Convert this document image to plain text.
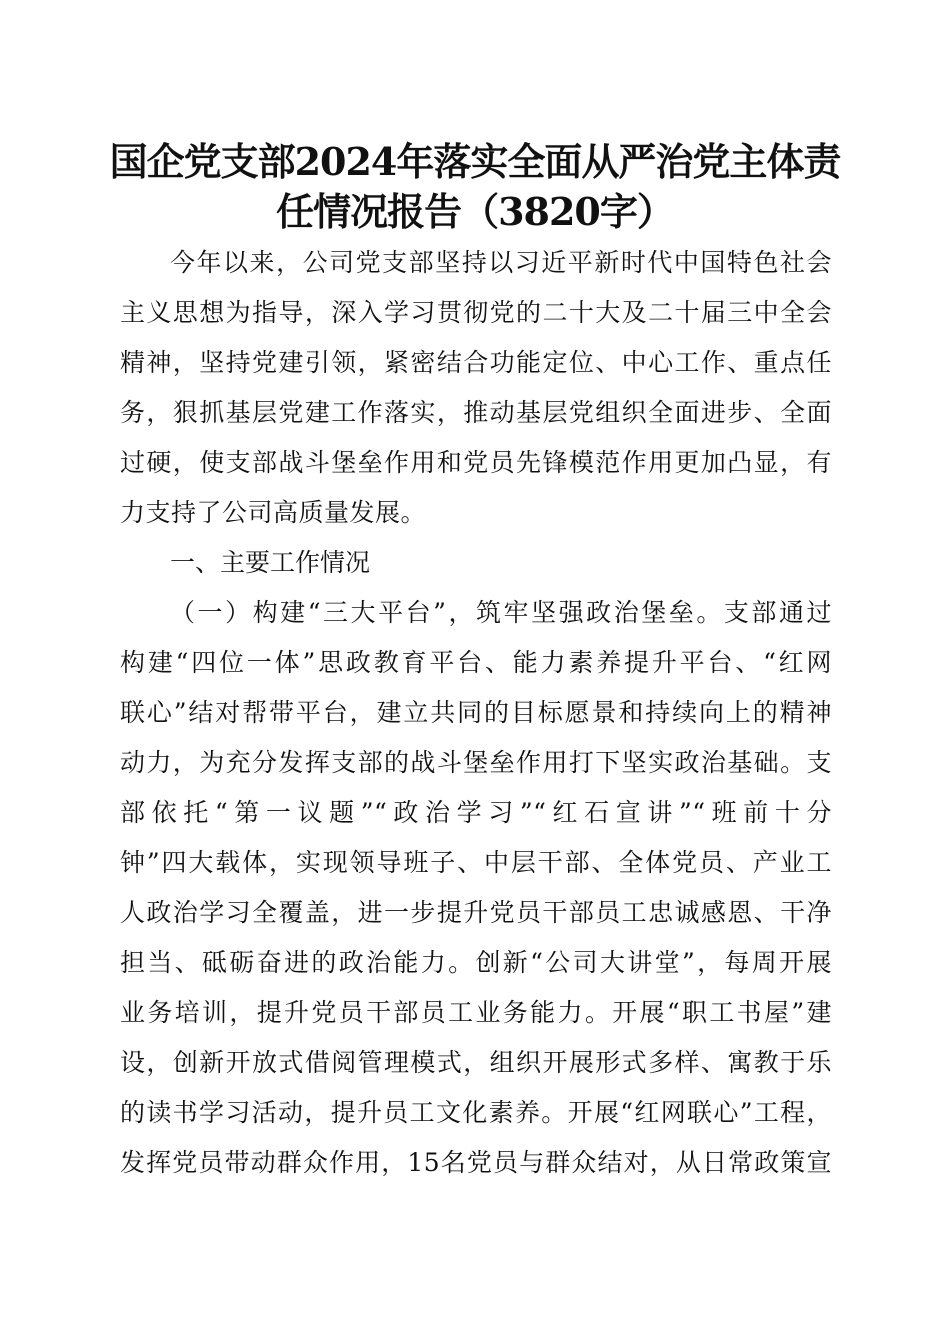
国企党支部2024年落实全面从严治党主体责
任情况报告（3820字）
今年以来，公司党支部坚持以习近平新时代中国特色社会
主义思想为指导，深入学习贯彻党的二十大及二十届三中全会
精神，坚持党建引领，紧密结合功能定位、中心工作、重点任
务，狠抓基层党建工作落实，推动基层党组织全面进步、全面
过硬，使支部战斗堡垒作用和党员先锋模范作用更加凸显，有
力支持了公司高质量发展。
一、主要工作情况
（一）构建“三大平台”，筑牢坚强政治堡垒。支部通过
构建“四位一体”思政教育平台、能力素养提升平台、“红网
联心”结对帮带平台，建立共同的目标愿景和持续向上的精神
动力，为充分发挥支部的战斗堡垒作用打下坚实政治基础。支
部依托“第一议题”“政治学习”“红石宣讲”“班前十分
钟”四大载体，实现领导班子、中层干部、全体党员、产业工
人政治学习全覆盖，进一步提升党员干部员工忠诚感恩、干净
担当、砥砺奋进的政治能力。创新“公司大讲堂”，每周开展
业务培训，提升党员干部员工业务能力。开展“职工书屋”建
设，创新开放式借阅管理模式，组织开展形式多样、寓教于乐
的读书学习活动，提升员工文化素养。开展“红网联心”工程，
发挥党员带动群众作用，15名党员与群众结对，从日常政策宣
